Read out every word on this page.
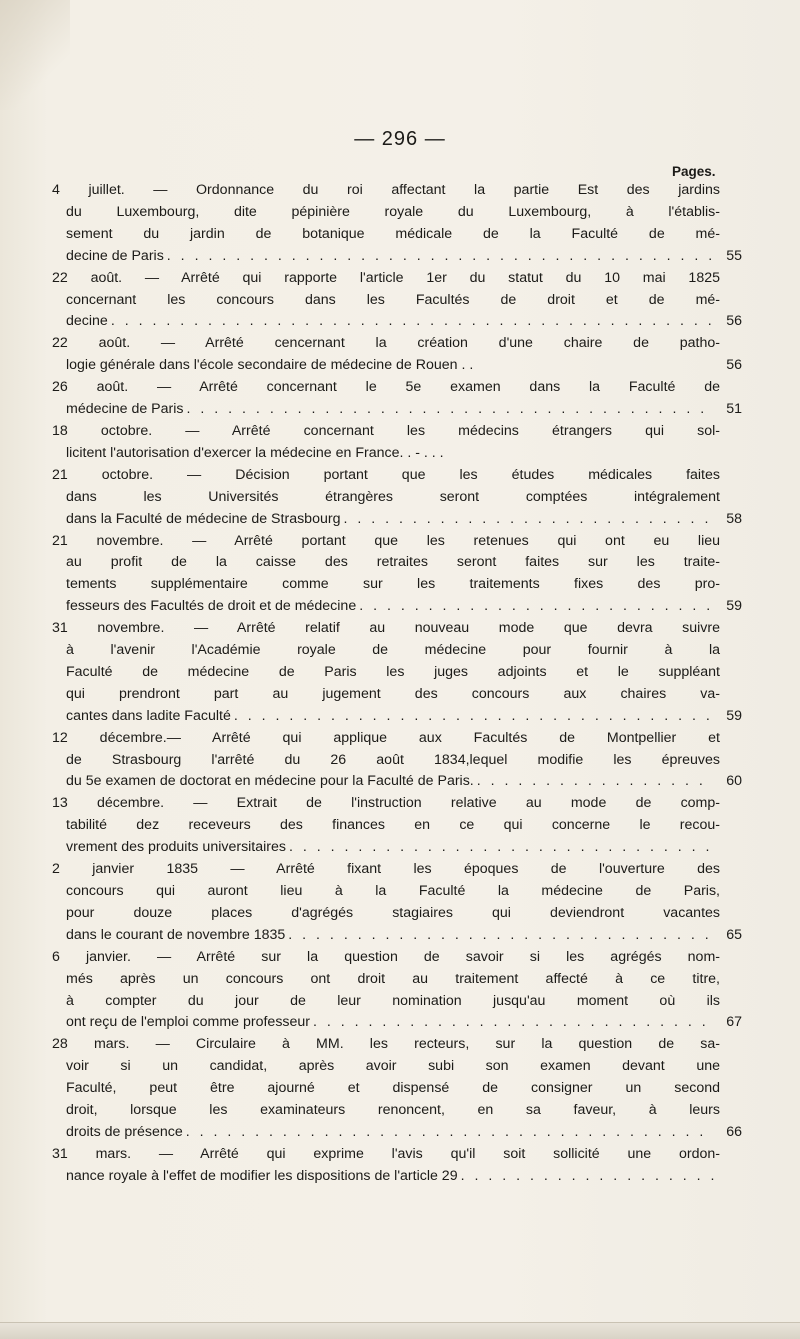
— 296 —
Pages.
4 juillet. — Ordonnance du roi affectant la partie Est des jardins
du Luxembourg, dite pépinière royale du Luxembourg, à l'établis-
sement du jardin de botanique médicale de la Faculté de mé-
decine de Paris . . .	55
22 août. — Arrêté qui rapporte l'article 1er du statut du 10 mai 1825
concernant les concours dans les Facultés de droit et de mé-
decine . . .	56
22 août. — Arrêté cencernant la création d'une chaire de patho-
logie générale dans l'école secondaire de médecine de Rouen . .	56
26 août. — Arrêté concernant le 5e examen dans la Faculté de
médecine de Paris . . .	51
18 octobre. — Arrêté concernant les médecins étrangers qui sol-
licitent l'autorisation d'exercer la médecine en France. . - . . .
21 octobre. — Décision portant que les études médicales faites
dans les Universités étrangères seront comptées intégralement
dans la Faculté de médecine de Strasbourg . . .	58
21 novembre. — Arrêté portant que les retenues qui ont eu lieu
au profit de la caisse des retraites seront faites sur les traite-
tements supplémentaire comme sur les traitements fixes des pro-
fesseurs des Facultés de droit et de médecine . . .	59
31 novembre. — Arrêté relatif au nouveau mode que devra suivre
à l'avenir l'Académie royale de médecine pour fournir à la
Faculté de médecine de Paris les juges adjoints et le suppléant
qui prendront part au jugement des concours aux chaires va-
cantes dans ladite Faculté . . .	59
12 décembre.— Arrêté qui applique aux Facultés de Montpellier et
de Strasbourg l'arrêté du 26 août 1834,lequel modifie les épreuves
du 5e examen de doctorat en médecine pour la Faculté de Paris. . . .	60
13 décembre. — Extrait de l'instruction relative au mode de comp-
tabilité dez receveurs des finances en ce qui concerne le recou-
vrement des produits universitaires
. . .
2 janvier 1835 — Arrêté fixant les époques de l'ouverture des
concours qui auront lieu à la Faculté la médecine de Paris,
pour douze places d'agrégés stagiaires qui deviendront vacantes
dans le courant de novembre 1835 . . .	65
6 janvier. — Arrêté sur la question de savoir si les agrégés nom-
més après un concours ont droit au traitement affecté à ce titre,
à compter du jour de leur nomination jusqu'au moment où ils
ont reçu de l'emploi comme professeur . . .	67
28 mars. — Circulaire à MM. les recteurs, sur la question de sa-
voir si un candidat, après avoir subi son examen devant une
Faculté, peut être ajourné et dispensé de consigner un second
droit, lorsque les examinateurs renoncent, en sa faveur, à leurs
droits de présence . . .	66
31 mars. — Arrêté qui exprime l'avis qu'il soit sollicité une ordon-
nance royale à l'effet de modifier les dispositions de l'article 29
. . .
